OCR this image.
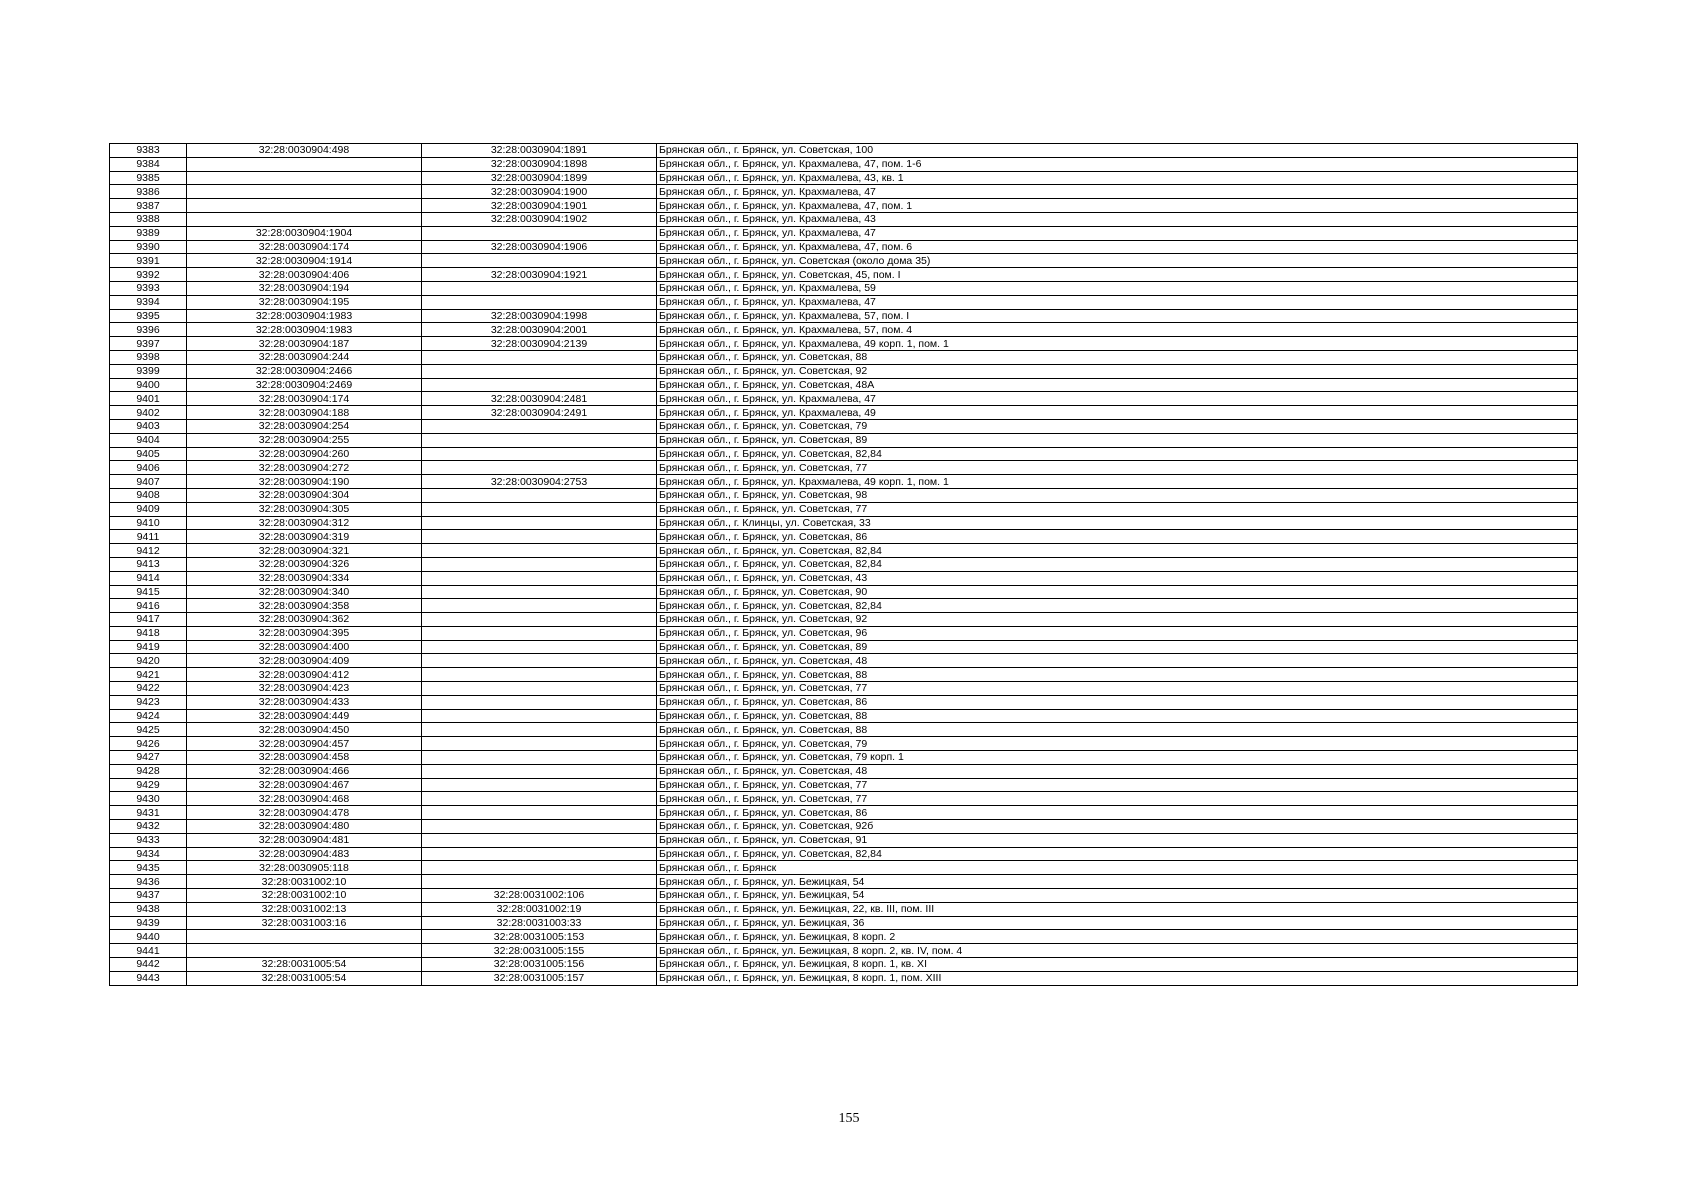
9383	32:28:0030904:498	32:28:0030904:1891	Брянская обл., г. Брянск, ул. Советская, 100
9384		32:28:0030904:1898	Брянская обл., г. Брянск, ул. Крахмалева, 47, пом. 1-6
9385		32:28:0030904:1899	Брянская обл., г. Брянск, ул. Крахмалева, 43, кв. 1
9386		32:28:0030904:1900	Брянская обл., г. Брянск, ул. Крахмалева, 47
9387		32:28:0030904:1901	Брянская обл., г. Брянск, ул. Крахмалева, 47, пом. 1
9388		32:28:0030904:1902	Брянская обл., г. Брянск, ул. Крахмалева, 43
9389	32:28:0030904:1904		Брянская обл., г. Брянск, ул. Крахмалева, 47
9390	32:28:0030904:174	32:28:0030904:1906	Брянская обл., г. Брянск, ул. Крахмалева, 47, пом. 6
9391	32:28:0030904:1914		Брянская обл., г. Брянск, ул. Советская (около дома 35)
9392	32:28:0030904:406	32:28:0030904:1921	Брянская обл., г. Брянск, ул. Советская, 45, пом. I
9393	32:28:0030904:194		Брянская обл., г. Брянск, ул. Крахмалева, 59
9394	32:28:0030904:195		Брянская обл., г. Брянск, ул. Крахмалева, 47
9395	32:28:0030904:1983	32:28:0030904:1998	Брянская обл., г. Брянск, ул. Крахмалева, 57, пом. I
9396	32:28:0030904:1983	32:28:0030904:2001	Брянская обл., г. Брянск, ул. Крахмалева, 57, пом. 4
9397	32:28:0030904:187	32:28:0030904:2139	Брянская обл., г. Брянск, ул. Крахмалева, 49 корп. 1, пом. 1
9398	32:28:0030904:244		Брянская обл., г. Брянск, ул. Советская, 88
9399	32:28:0030904:2466		Брянская обл., г. Брянск, ул. Советская, 92
9400	32:28:0030904:2469		Брянская обл., г. Брянск, ул. Советская, 48А
9401	32:28:0030904:174	32:28:0030904:2481	Брянская обл., г. Брянск, ул. Крахмалева, 47
9402	32:28:0030904:188	32:28:0030904:2491	Брянская обл., г. Брянск, ул. Крахмалева, 49
9403	32:28:0030904:254		Брянская обл., г. Брянск, ул. Советская, 79
9404	32:28:0030904:255		Брянская обл., г. Брянск, ул. Советская, 89
9405	32:28:0030904:260		Брянская обл., г. Брянск, ул. Советская, 82,84
9406	32:28:0030904:272		Брянская обл., г. Брянск, ул. Советская, 77
9407	32:28:0030904:190	32:28:0030904:2753	Брянская обл., г. Брянск, ул. Крахмалева, 49 корп. 1, пом. 1
9408	32:28:0030904:304		Брянская обл., г. Брянск, ул. Советская, 98
9409	32:28:0030904:305		Брянская обл., г. Брянск, ул. Советская, 77
9410	32:28:0030904:312		Брянская обл., г. Клинцы, ул. Советская, 33
9411	32:28:0030904:319		Брянская обл., г. Брянск, ул. Советская, 86
9412	32:28:0030904:321		Брянская обл., г. Брянск, ул. Советская, 82,84
9413	32:28:0030904:326		Брянская обл., г. Брянск, ул. Советская, 82,84
9414	32:28:0030904:334		Брянская обл., г. Брянск, ул. Советская, 43
9415	32:28:0030904:340		Брянская обл., г. Брянск, ул. Советская, 90
9416	32:28:0030904:358		Брянская обл., г. Брянск, ул. Советская, 82,84
9417	32:28:0030904:362		Брянская обл., г. Брянск, ул. Советская, 92
9418	32:28:0030904:395		Брянская обл., г. Брянск, ул. Советская, 96
9419	32:28:0030904:400		Брянская обл., г. Брянск, ул. Советская, 89
9420	32:28:0030904:409		Брянская обл., г. Брянск, ул. Советская, 48
9421	32:28:0030904:412		Брянская обл., г. Брянск, ул. Советская, 88
9422	32:28:0030904:423		Брянская обл., г. Брянск, ул. Советская, 77
9423	32:28:0030904:433		Брянская обл., г. Брянск, ул. Советская, 86
9424	32:28:0030904:449		Брянская обл., г. Брянск, ул. Советская, 88
9425	32:28:0030904:450		Брянская обл., г. Брянск, ул. Советская, 88
9426	32:28:0030904:457		Брянская обл., г. Брянск, ул. Советская, 79
9427	32:28:0030904:458		Брянская обл., г. Брянск, ул. Советская, 79 корп. 1
9428	32:28:0030904:466		Брянская обл., г. Брянск, ул. Советская, 48
9429	32:28:0030904:467		Брянская обл., г. Брянск, ул. Советская, 77
9430	32:28:0030904:468		Брянская обл., г. Брянск, ул. Советская, 77
9431	32:28:0030904:478		Брянская обл., г. Брянск, ул. Советская, 86
9432	32:28:0030904:480		Брянская обл., г. Брянск, ул. Советская, 92б
9433	32:28:0030904:481		Брянская обл., г. Брянск, ул. Советская, 91
9434	32:28:0030904:483		Брянская обл., г. Брянск, ул. Советская, 82,84
9435	32:28:0030905:118		Брянская обл., г. Брянск
9436	32:28:0031002:10		Брянская обл., г. Брянск, ул. Бежицкая, 54
9437	32:28:0031002:10	32:28:0031002:106	Брянская обл., г. Брянск, ул. Бежицкая, 54
9438	32:28:0031002:13	32:28:0031002:19	Брянская обл., г. Брянск, ул. Бежицкая, 22, кв. III, пом. III
9439	32:28:0031003:16	32:28:0031003:33	Брянская обл., г. Брянск, ул. Бежицкая, 36
9440		32:28:0031005:153	Брянская обл., г. Брянск, ул. Бежицкая, 8 корп. 2
9441		32:28:0031005:155	Брянская обл., г. Брянск, ул. Бежицкая, 8 корп. 2, кв. IV, пом. 4
9442	32:28:0031005:54	32:28:0031005:156	Брянская обл., г. Брянск, ул. Бежицкая, 8 корп. 1, кв. XI
9443	32:28:0031005:54	32:28:0031005:157	Брянская обл., г. Брянск, ул. Бежицкая, 8 корп. 1, пом. XIII
155
